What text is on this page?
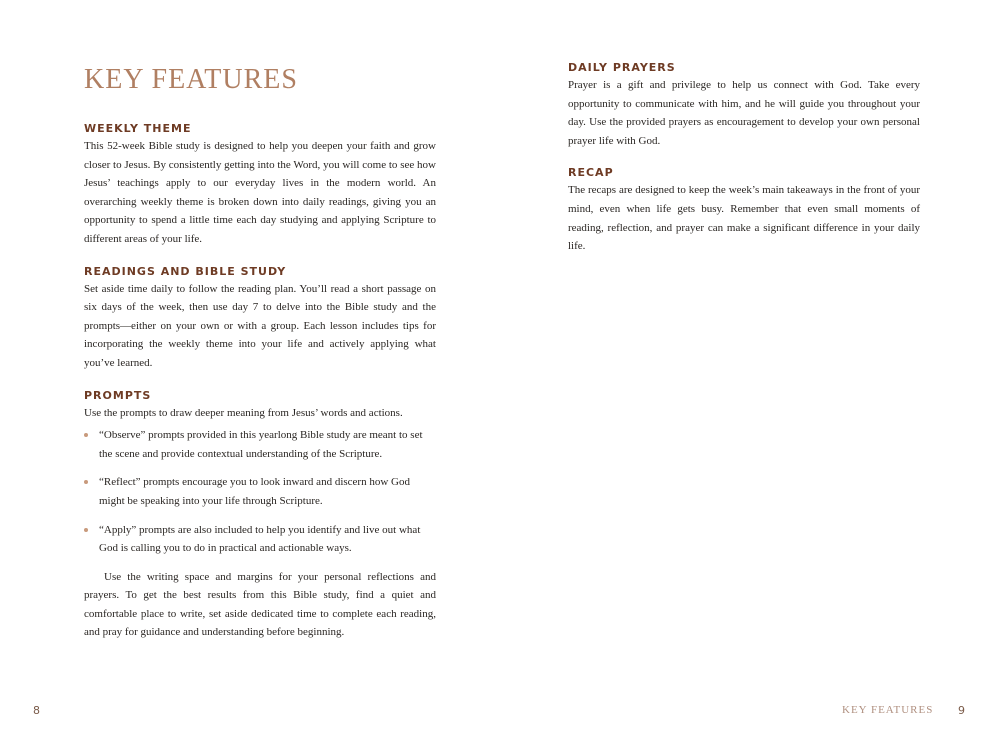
KEY FEATURES
WEEKLY THEME

This 52-week Bible study is designed to help you deepen your faith and grow closer to Jesus. By consistently getting into the Word, you will come to see how Jesus’ teachings apply to our everyday lives in the modern world. An overarching weekly theme is broken down into daily readings, giving you an opportunity to spend a little time each day studying and applying Scripture to different areas of your life.

READINGS AND BIBLE STUDY

Set aside time daily to follow the reading plan. You’ll read a short passage on six days of the week, then use day 7 to delve into the Bible study and the prompts—either on your own or with a group. Each lesson includes tips for incorporating the weekly theme into your life and actively applying what you’ve learned.

PROMPTS

Use the prompts to draw deeper meaning from Jesus’ words and actions.

“Observe” prompts provided in this yearlong Bible study are meant to set the scene and provide contextual understanding of the Scripture.
“Reflect” prompts encourage you to look inward and discern how God might be speaking into your life through Scripture.
“Apply” prompts are also included to help you identify and live out what God is calling you to do in practical and actionable ways.

Use the writing space and margins for your personal reflections and prayers. To get the best results from this Bible study, find a quiet and comfortable place to write, set aside dedicated time to complete each reading, and pray for guidance and understanding before beginning.

DAILY PRAYERS

Prayer is a gift and privilege to help us connect with God. Take every opportunity to communicate with him, and he will guide you throughout your day. Use the provided prayers as encouragement to develop your own personal prayer life with God.

RECAP

The recaps are designed to keep the week’s main takeaways in the front of your mind, even when life gets busy. Remember that even small moments of reading, reflection, and prayer can make a significant difference in your daily life.

8	KEY FEATURES 9
